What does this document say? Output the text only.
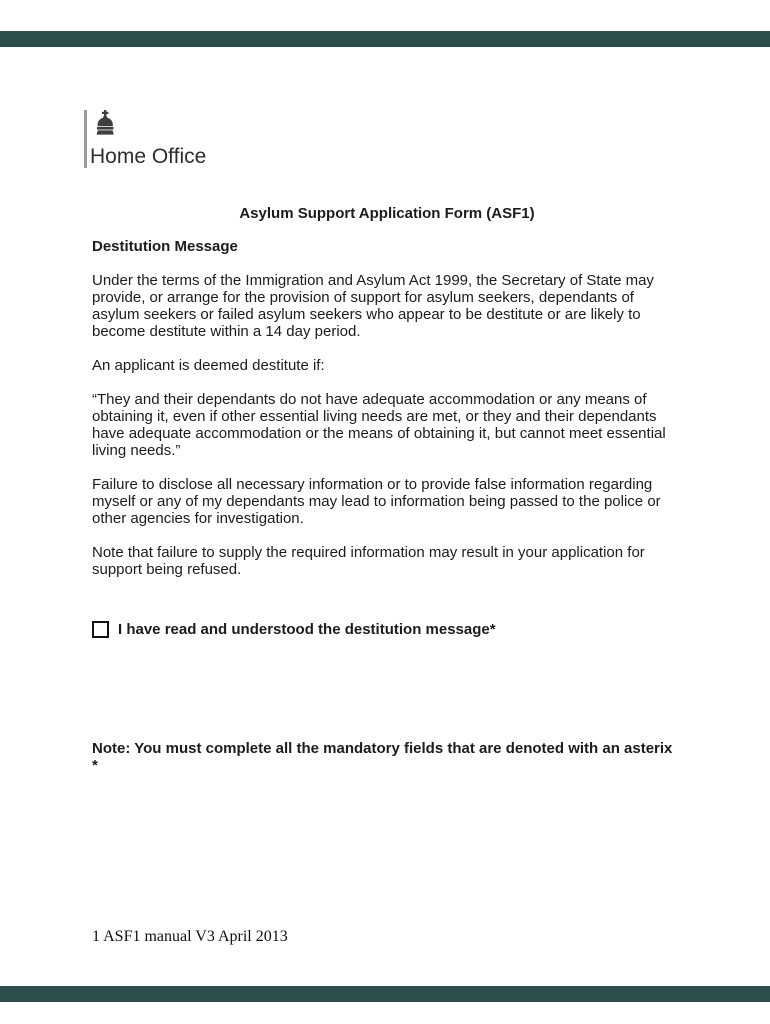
Home Office
Asylum Support Application Form (ASF1)
Destitution Message

Under the terms of the Immigration and Asylum Act 1999, the Secretary of State may provide, or arrange for the provision of support for asylum seekers, dependants of asylum seekers or failed asylum seekers who appear to be destitute or are likely to become destitute within a 14 day period.

An applicant is deemed destitute if:

“They and their dependants do not have adequate accommodation or any means of obtaining it, even if other essential living needs are met, or they and their dependants have adequate accommodation or the means of obtaining it, but cannot meet essential living needs.”

Failure to disclose all necessary information or to provide false information regarding myself or any of my dependants may lead to information being passed to the police or other agencies for investigation.

Note that failure to supply the required information may result in your application for support being refused.

I have read and understood the destitution message*
Note: You must complete all the mandatory fields that are denoted with an asterix *
1 ASF1 manual V3 April 2013
